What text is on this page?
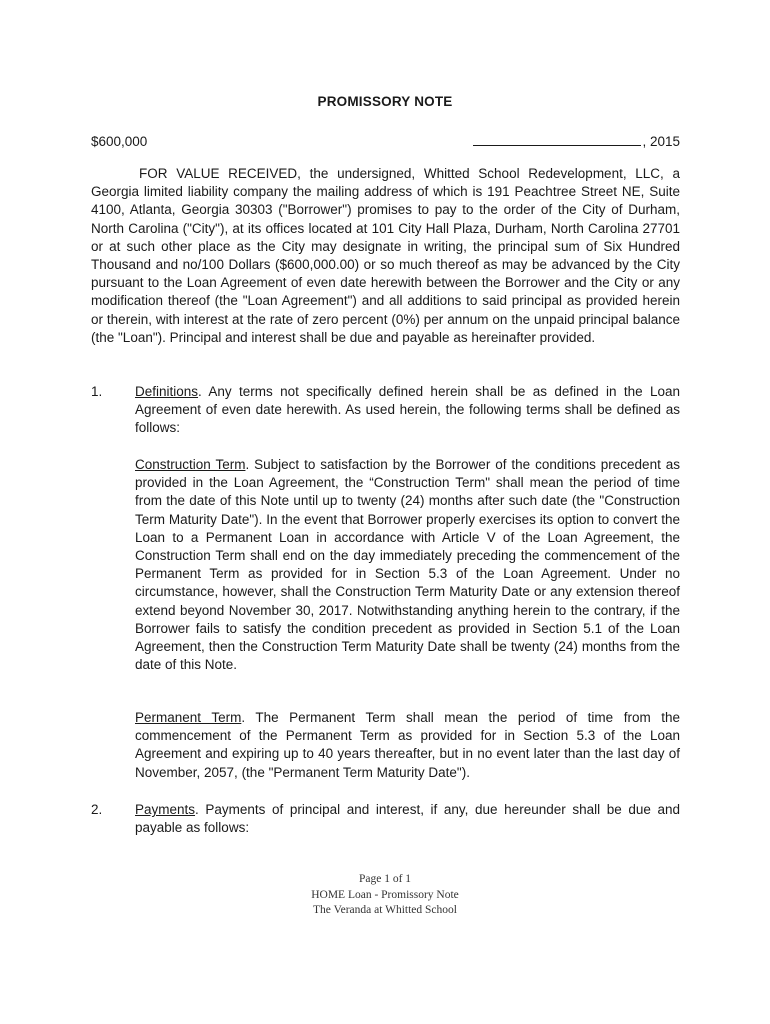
PROMISSORY NOTE
$600,000	, 2015
FOR VALUE RECEIVED, the undersigned, Whitted School Redevelopment, LLC, a Georgia limited liability company the mailing address of which is 191 Peachtree Street NE, Suite 4100, Atlanta, Georgia 30303 ("Borrower") promises to pay to the order of the City of Durham, North Carolina ("City"), at its offices located at 101 City Hall Plaza, Durham, North Carolina 27701 or at such other place as the City may designate in writing, the principal sum of Six Hundred Thousand and no/100 Dollars ($600,000.00) or so much thereof as may be advanced by the City pursuant to the Loan Agreement of even date herewith between the Borrower and the City or any modification thereof (the "Loan Agreement") and all additions to said principal as provided herein or therein, with interest at the rate of zero percent (0%) per annum on the unpaid principal balance (the "Loan"). Principal and interest shall be due and payable as hereinafter provided.
1. Definitions. Any terms not specifically defined herein shall be as defined in the Loan Agreement of even date herewith. As used herein, the following terms shall be defined as follows:
Construction Term. Subject to satisfaction by the Borrower of the conditions precedent as provided in the Loan Agreement, the “Construction Term" shall mean the period of time from the date of this Note until up to twenty (24) months after such date (the "Construction Term Maturity Date"). In the event that Borrower properly exercises its option to convert the Loan to a Permanent Loan in accordance with Article V of the Loan Agreement, the Construction Term shall end on the day immediately preceding the commencement of the Permanent Term as provided for in Section 5.3 of the Loan Agreement. Under no circumstance, however, shall the Construction Term Maturity Date or any extension thereof extend beyond November 30, 2017. Notwithstanding anything herein to the contrary, if the Borrower fails to satisfy the condition precedent as provided in Section 5.1 of the Loan Agreement, then the Construction Term Maturity Date shall be twenty (24) months from the date of this Note.
Permanent Term. The Permanent Term shall mean the period of time from the commencement of the Permanent Term as provided for in Section 5.3 of the Loan Agreement and expiring up to 40 years thereafter, but in no event later than the last day of November, 2057, (the "Permanent Term Maturity Date").
2. Payments. Payments of principal and interest, if any, due hereunder shall be due and payable as follows:
Page 1 of 1
HOME Loan - Promissory Note
The Veranda at Whitted School
